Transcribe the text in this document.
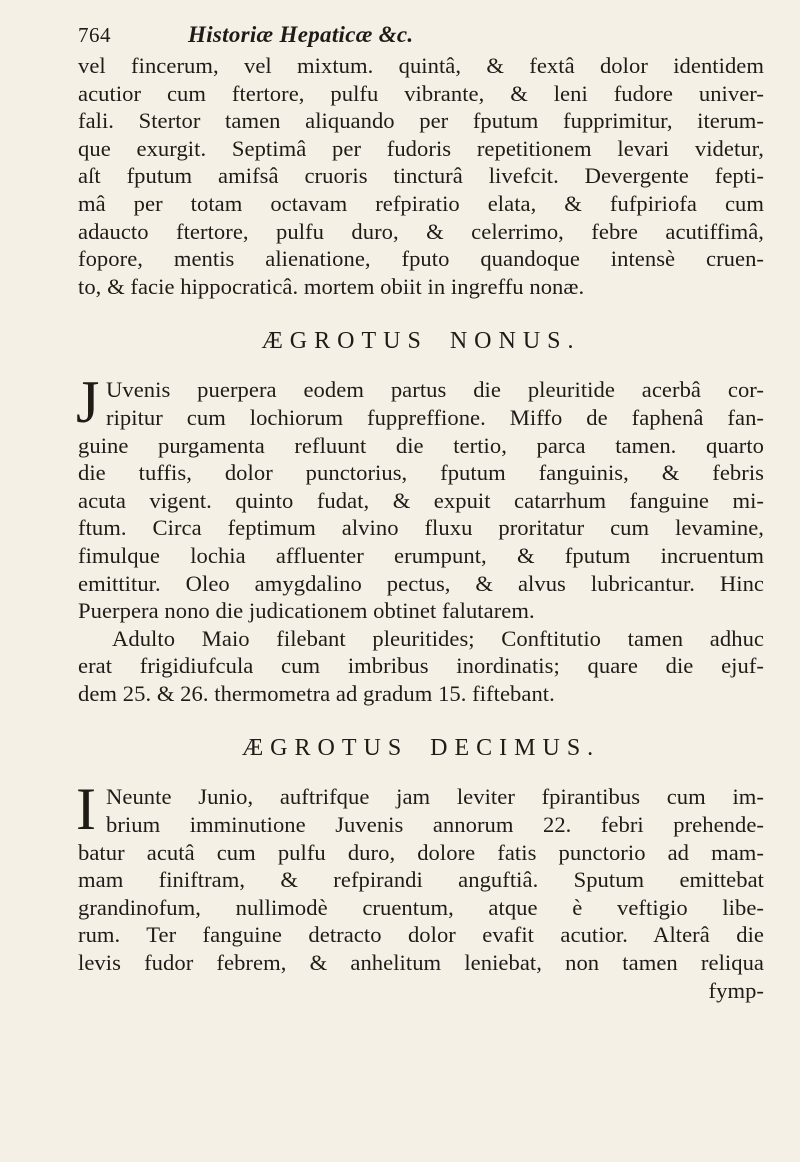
764	Historiæ Hepaticæ &c.
vel fincerum, vel mixtum. quintâ, & fextâ dolor identidem
acutior cum ftertore, pulfu vibrante, & leni fudore univer-
fali. Stertor tamen aliquando per fputum fupprimitur, iterum-
que exurgit. Septimâ per fudoris repetitionem levari videtur,
aſt fputum amifsâ cruoris tincturâ livefcit. Devergente fepti-
mâ per totam octavam refpiratio elata, & fufpiriofa cum
adaucto ftertore, pulfu duro, & celerrimo, febre acutiffimâ,
fopore, mentis alienatione, fputo quandoque intensè cruen-
to, & facie hippocraticâ. mortem obiit in ingreffu nonæ.
ÆGROTUS NONUS.
J Uvenis puerpera eodem partus die pleuritide acerbâ cor-
ripitur cum lochiorum fuppreffione. Miffo de faphenâ fan-
guine purgamenta refluunt die tertio, parca tamen. quarto
die tuffis, dolor punctorius, fputum fanguinis, & febris
acuta vigent. quinto fudat, & expuit catarrhum fanguine mi-
ftum. Circa feptimum alvino fluxu proritatur cum levamine,
fimulque lochia affluenter erumpunt, & fputum incruentum
emittitur. Oleo amygdalino pectus, & alvus lubricantur. Hinc
Puerpera nono die judicationem obtinet falutarem.
Adulto Maio filebant pleuritides; Conftitutio tamen adhuc
erat frigidiufcula cum imbribus inordinatis; quare die ejuf-
dem 25. & 26. thermometra ad gradum 15. fiftebant.
ÆGROTUS DECIMUS.
I Neunte Junio, auftrifque jam leviter fpirantibus cum im-
brium imminutione Juvenis annorum 22. febri prehende-
batur acutâ cum pulfu duro, dolore fatis punctorio ad mam-
mam finiftram, & refpirandi anguftiâ. Sputum emittebat
grandinofum, nullimodè cruentum, atque è veftigio libe-
rum. Ter fanguine detracto dolor evafit acutior. Alterâ die
levis fudor febrem, & anhelitum leniebat, non tamen reliqua
fymp-
